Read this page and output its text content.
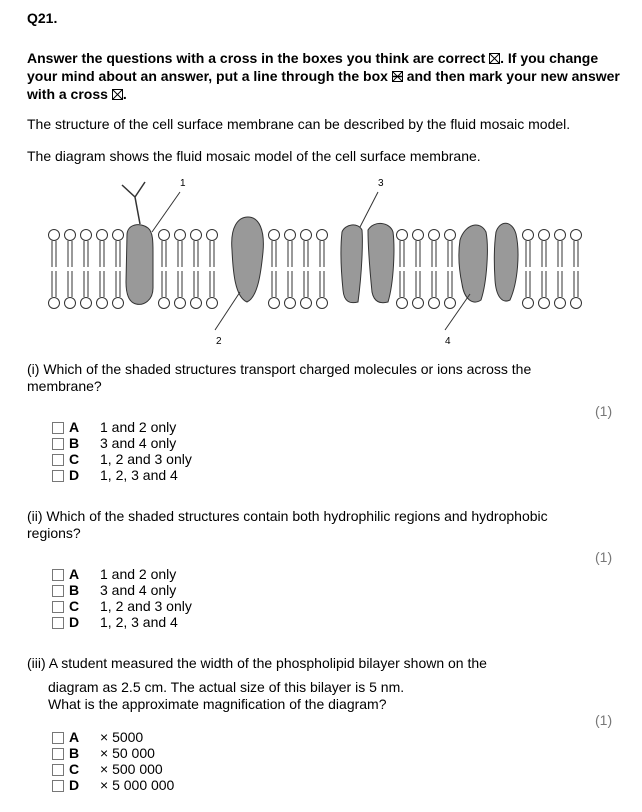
Q21.
Answer the questions with a cross in the boxes you think are correct ☒. If you change your mind about an answer, put a line through the box and then mark your new answer with a cross ☒.
The structure of the cell surface membrane can be described by the fluid mosaic model.
The diagram shows the fluid mosaic model of the cell surface membrane.
1
2
3
4
(i) Which of the shaded structures transport charged molecules or ions across the membrane?
(1)
A 1 and 2 only
B 3 and 4 only
C 1, 2 and 3 only
D 1, 2, 3 and 4
(ii) Which of the shaded structures contain both hydrophilic regions and hydrophobic regions?
(1)
A 1 and 2 only
B 3 and 4 only
C 1, 2 and 3 only
D 1, 2, 3 and 4
(iii) A student measured the width of the phospholipid bilayer shown on the
diagram as 2.5 cm. The actual size of this bilayer is 5 nm.
What is the approximate magnification of the diagram?
(1)
A × 5000
B × 50 000
C × 500 000
D × 5 000 000
